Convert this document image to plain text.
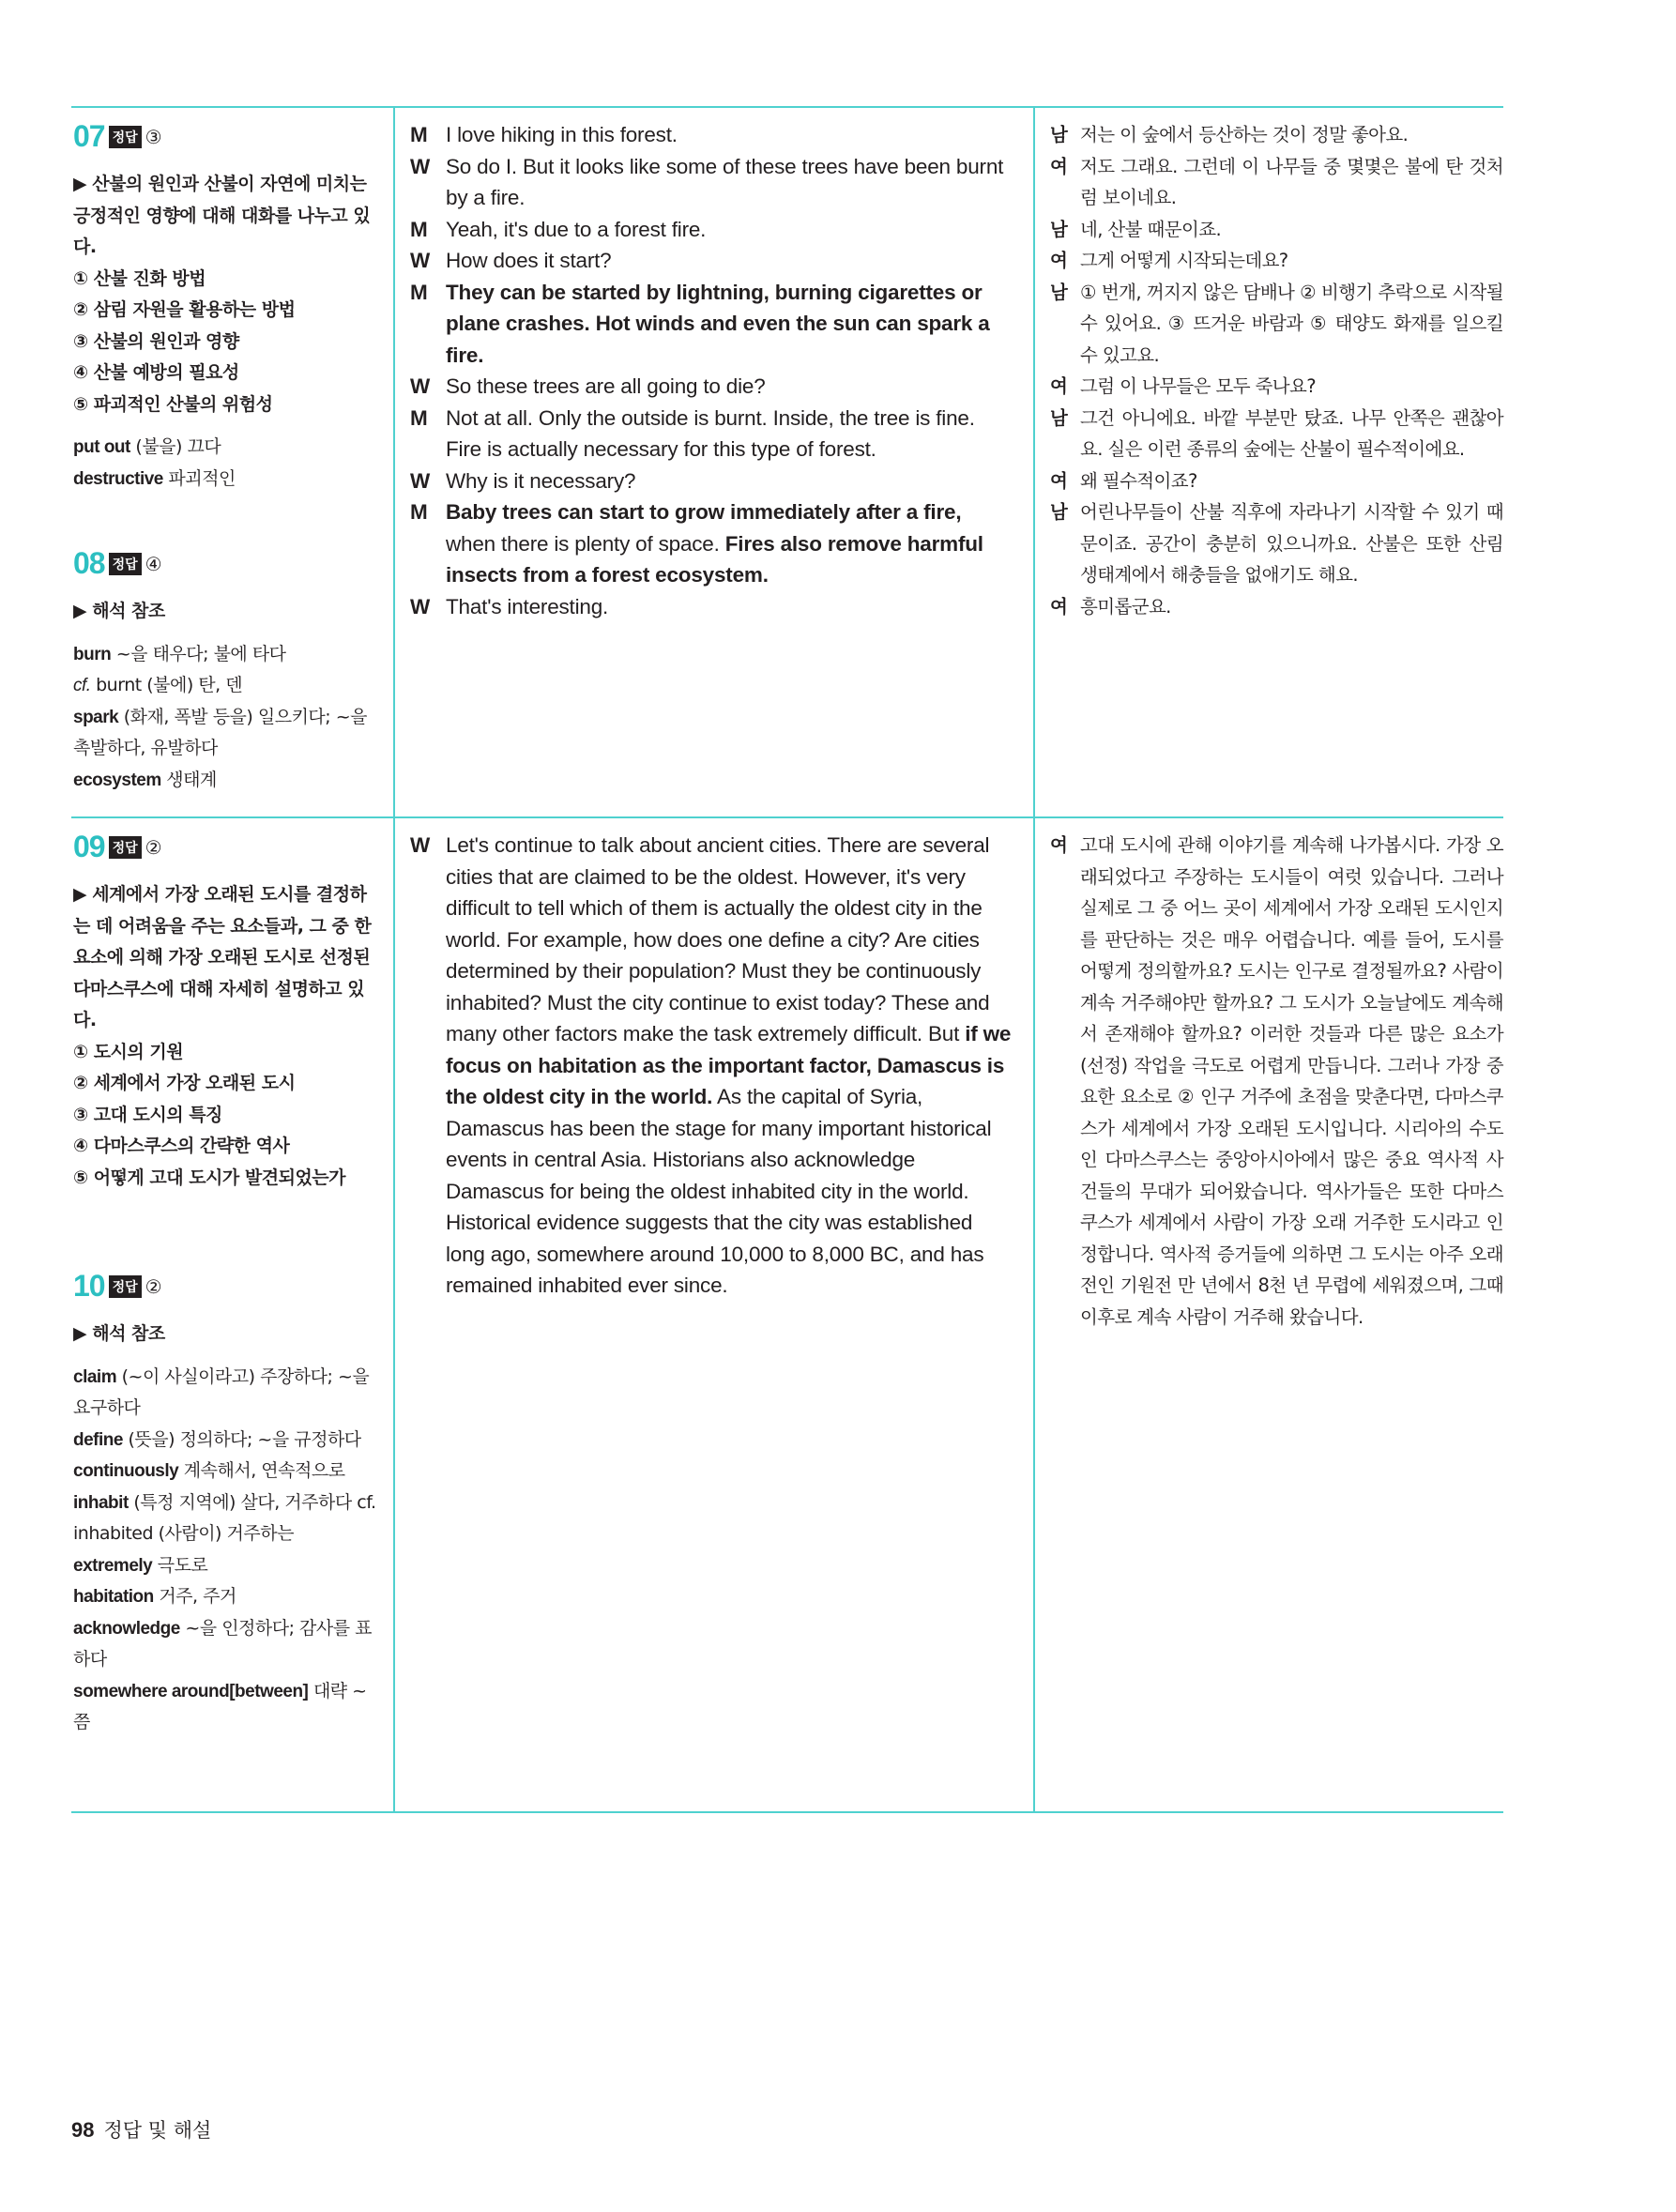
07 정답 ③

▶ 산불의 원인과 산불이 자연에 미치는 긍정적인 영향에 대해 대화를 나누고 있다.

① 산불 진화 방법
② 삼림 자원을 활용하는 방법
③ 산불의 원인과 영향
④ 산불 예방의 필요성
⑤ 파괴적인 산불의 위험성
put out (불을) 끄다
destructive 파괴적인
08 정답 ④

▶ 해석 참조

burn ~을 태우다; 불에 타다
cf. burnt (불에) 탄, 덴
spark (화재, 폭발 등을) 일으키다; ~을 촉발하다, 유발하다
ecosystem 생태계
M I love hiking in this forest.
W So do I. But it looks like some of these trees have been burnt by a fire.
M Yeah, it's due to a forest fire.
W How does it start?
M They can be started by lightning, burning cigarettes or plane crashes. Hot winds and even the sun can spark a fire.
W So these trees are all going to die?
M Not at all. Only the outside is burnt. Inside, the tree is fine. Fire is actually necessary for this type of forest.
W Why is it necessary?
M Baby trees can start to grow immediately after a fire, when there is plenty of space. Fires also remove harmful insects from a forest ecosystem.
W That's interesting.
남 저는 이 숲에서 등산하는 것이 정말 좋아요.
여 저도 그래요. 그런데 이 나무들 중 몇몇은 불에 탄 것처럼 보이네요.
남 네, 산불 때문이죠.
여 그게 어떻게 시작되는데요?
남 ① 번개, 꺼지지 않은 담배나 ② 비행기 추락으로 시작될 수 있어요. ③ 뜨거운 바람과 ⑤ 태양도 화재를 일으킬 수 있고요.
여 그럼 이 나무들은 모두 죽나요?
남 그건 아니에요. 바깥 부분만 탔죠. 나무 안쪽은 괜찮아요. 실은 이런 종류의 숲에는 산불이 필수적이에요.
여 왜 필수적이죠?
남 어린나무들이 산불 직후에 자라나기 시작할 수 있기 때문이죠. 공간이 충분히 있으니까요. 산불은 또한 산림 생태계에서 해충들을 없애기도 해요.
여 흥미롭군요.
09 정답 ②

▶ 세계에서 가장 오래된 도시를 결정하는 데 어려움을 주는 요소들과, 그 중 한 요소에 의해 가장 오래된 도시로 선정된 다마스쿠스에 대해 자세히 설명하고 있다.

① 도시의 기원
② 세계에서 가장 오래된 도시
③ 고대 도시의 특징
④ 다마스쿠스의 간략한 역사
⑤ 어떻게 고대 도시가 발견되었는가
10 정답 ②

▶ 해석 참조

claim (~이 사실이라고) 주장하다; ~을 요구하다
define (뜻을) 정의하다; ~을 규정하다
continuously 계속해서, 연속적으로
inhabit (특정 지역에) 살다, 거주하다 cf. inhabited (사람이) 거주하는
extremely 극도로
habitation 거주, 주거
acknowledge ~을 인정하다; 감사를 표하다
somewhere around[between] 대략 ~쯤
W Let's continue to talk about ancient cities. There are several cities that are claimed to be the oldest. However, it's very difficult to tell which of them is actually the oldest city in the world. For example, how does one define a city? Are cities determined by their population? Must they be continuously inhabited? Must the city continue to exist today? These and many other factors make the task extremely difficult. But if we focus on habitation as the important factor, Damascus is the oldest city in the world. As the capital of Syria, Damascus has been the stage for many important historical events in central Asia. Historians also acknowledge Damascus for being the oldest inhabited city in the world. Historical evidence suggests that the city was established long ago, somewhere around 10,000 to 8,000 BC, and has remained inhabited ever since.
여 고대 도시에 관해 이야기를 계속해 나가봅시다. 가장 오래되었다고 주장하는 도시들이 여럿 있습니다. 그러나 실제로 그 중 어느 곳이 세계에서 가장 오래된 도시인지를 판단하는 것은 매우 어렵습니다. 예를 들어, 도시를 어떻게 정의할까요? 도시는 인구로 결정될까요? 사람이 계속 거주해야만 할까요? 그 도시가 오늘날에도 계속해서 존재해야 할까요? 이러한 것들과 다른 많은 요소가 (선정) 작업을 극도로 어렵게 만듭니다. 그러나 가장 중요한 요소로 ② 인구 거주에 초점을 맞춘다면, 다마스쿠스가 세계에서 가장 오래된 도시입니다. 시리아의 수도인 다마스쿠스는 중앙아시아에서 많은 중요 역사적 사건들의 무대가 되어왔습니다. 역사가들은 또한 다마스쿠스가 세계에서 사람이 가장 오래 거주한 도시라고 인정합니다. 역사적 증거들에 의하면 그 도시는 아주 오래전인 기원전 만 년에서 8천 년 무렵에 세워졌으며, 그때 이후로 계속 사람이 거주해 왔습니다.
98 정답 및 해설
